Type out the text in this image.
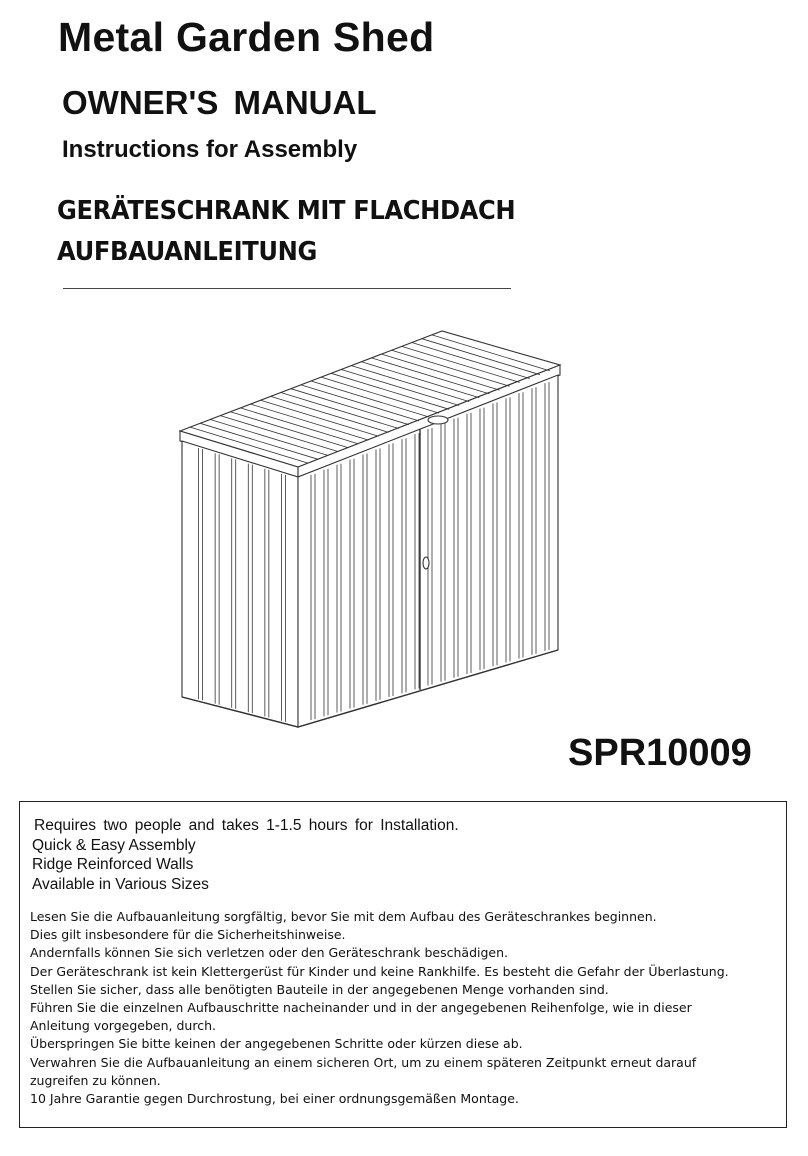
Metal Garden Shed
OWNER'S MANUAL
Instructions for Assembly
GERÄTESCHRANK MIT FLACHDACH
AUFBAUANLEITUNG
SPR10009
Requires two people and takes 1-1.5 hours for Installation.
Quick & Easy Assembly
Ridge Reinforced Walls
Available in Various Sizes
Lesen Sie die Aufbauanleitung sorgfältig, bevor Sie mit dem Aufbau des Geräteschrankes beginnen.
Dies gilt insbesondere für die Sicherheitshinweise.
Andernfalls können Sie sich verletzen oder den Geräteschrank beschädigen.
Der Geräteschrank ist kein Klettergerüst für Kinder und keine Rankhilfe. Es besteht die Gefahr der Überlastung.
Stellen Sie sicher, dass alle benötigten Bauteile in der angegebenen Menge vorhanden sind.
Führen Sie die einzelnen Aufbauschritte nacheinander und in der angegebenen Reihenfolge, wie in dieser
Anleitung vorgegeben, durch.
Überspringen Sie bitte keinen der angegebenen Schritte oder kürzen diese ab.
Verwahren Sie die Aufbauanleitung an einem sicheren Ort, um zu einem späteren Zeitpunkt erneut darauf
zugreifen zu können.
10 Jahre Garantie gegen Durchrostung, bei einer ordnungsgemäßen Montage.
